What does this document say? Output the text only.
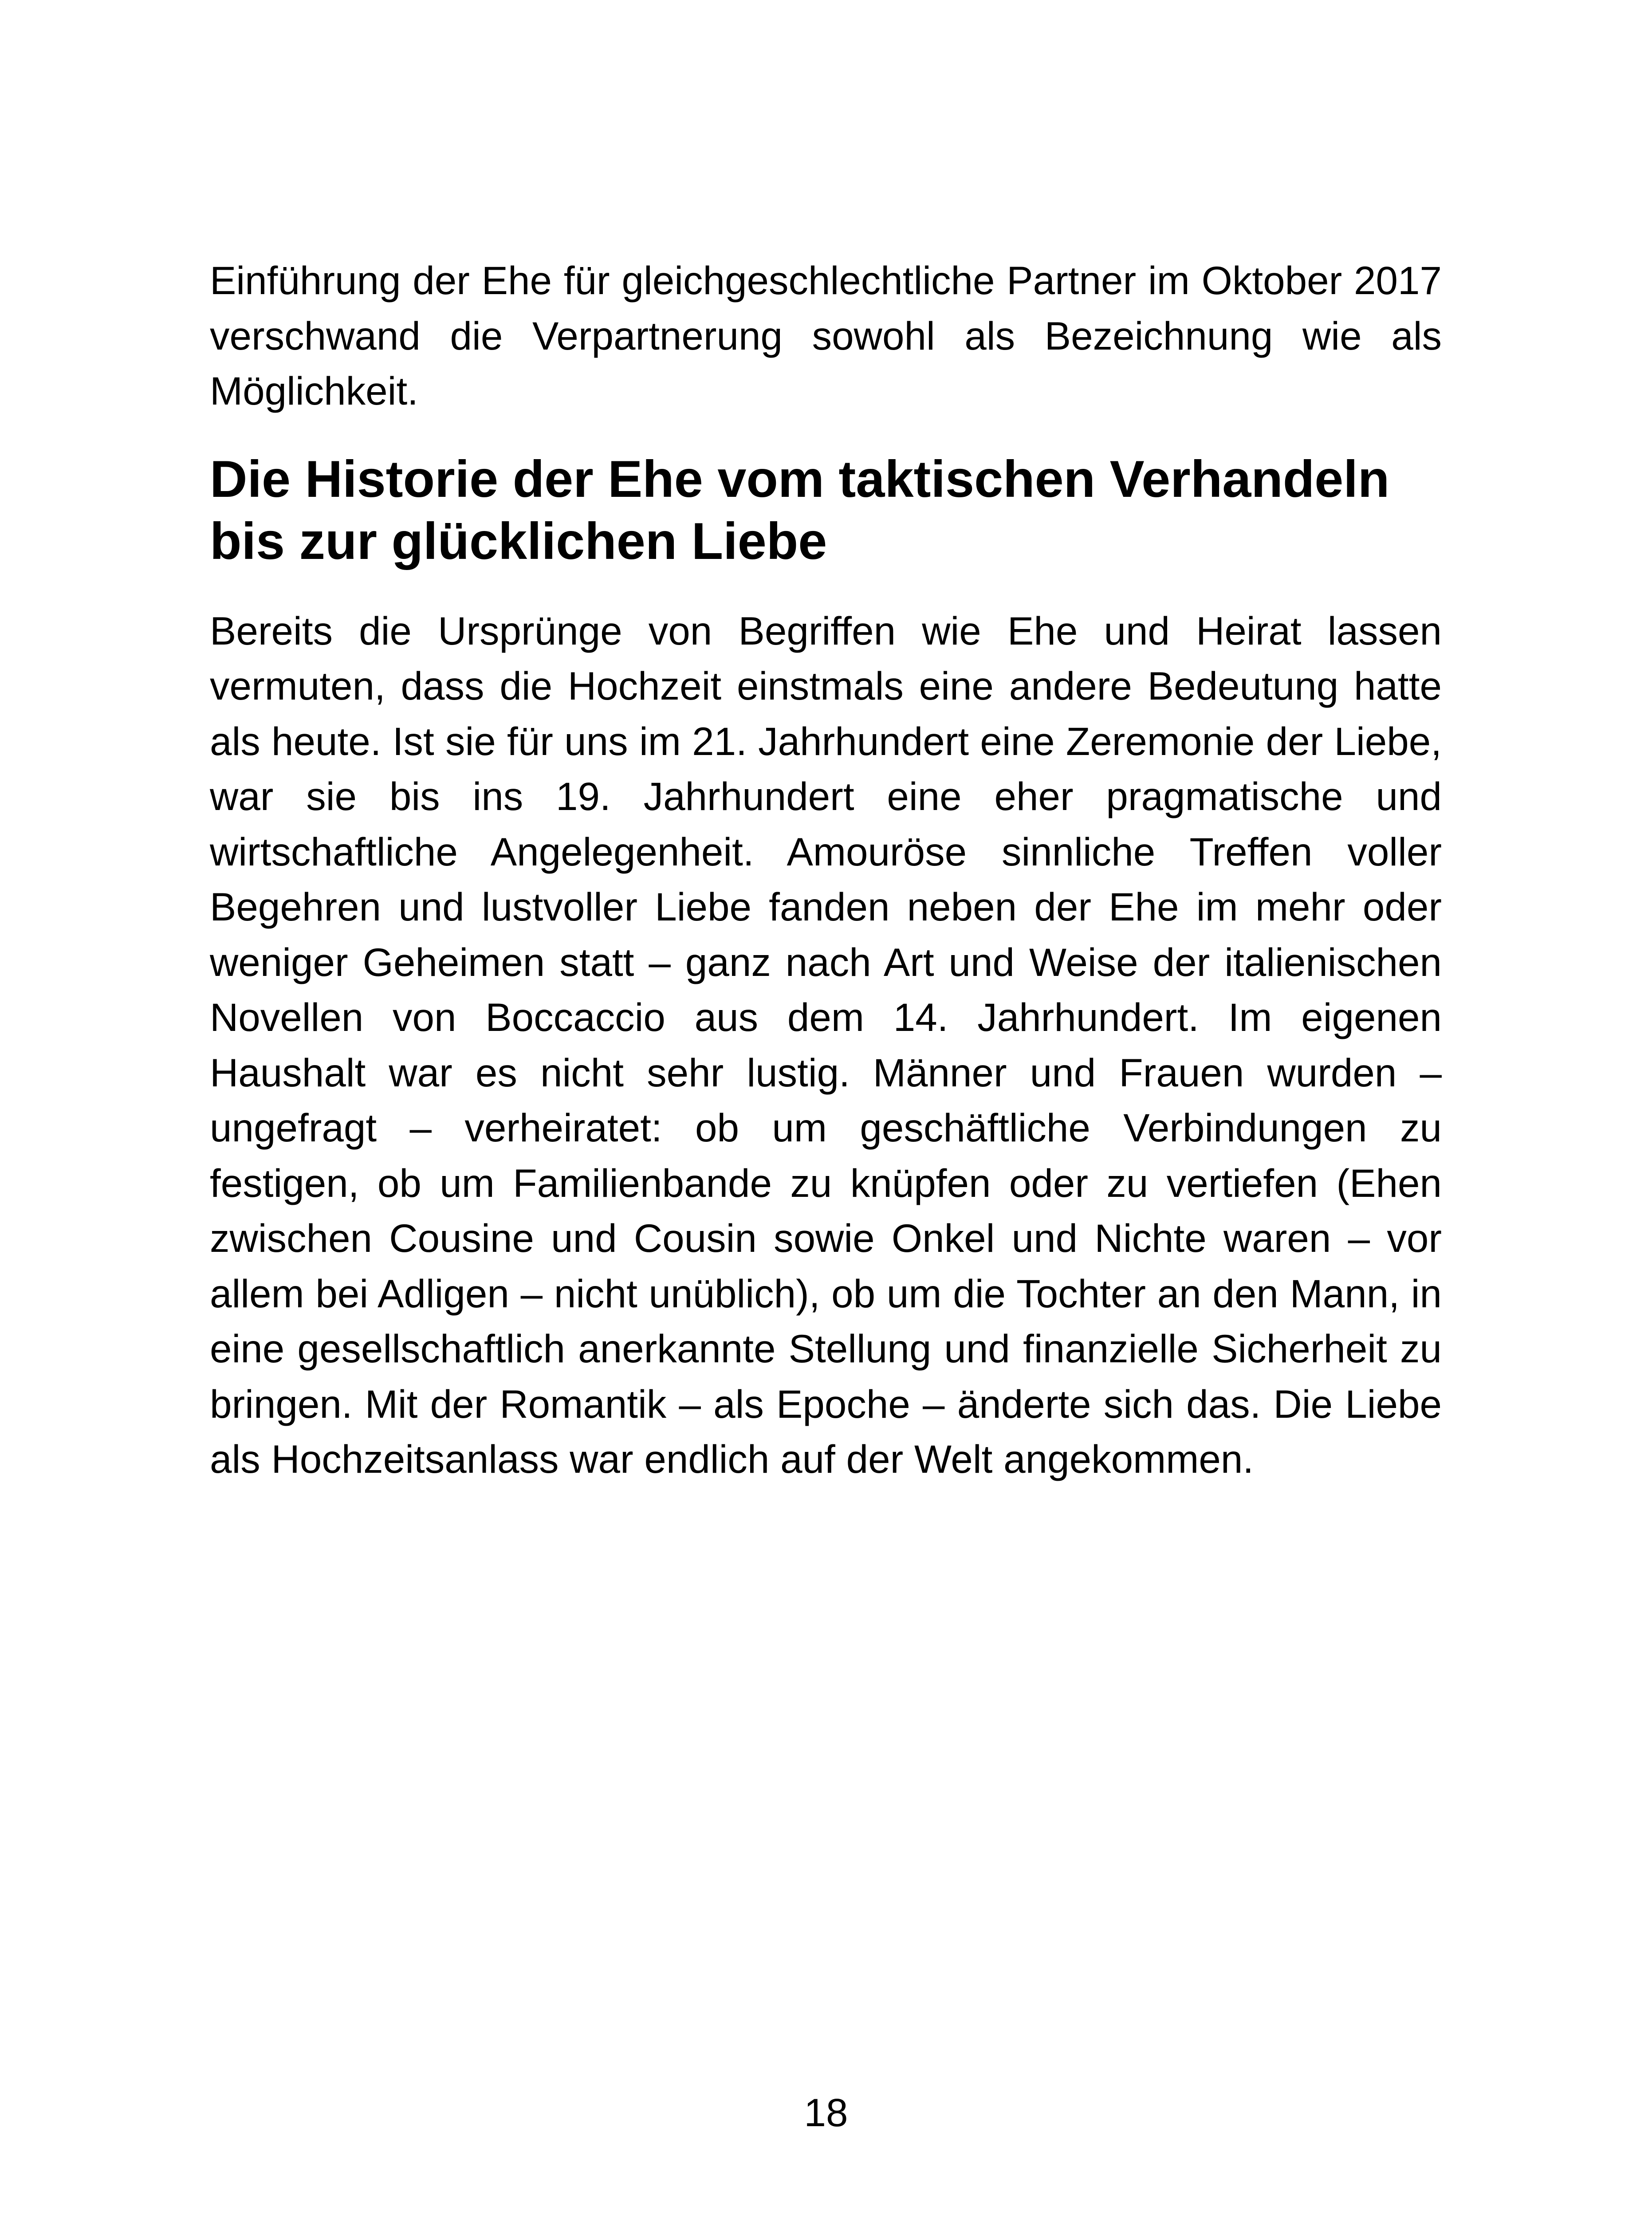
Einführung der Ehe für gleichgeschlechtliche Partner im Oktober 2017 verschwand die Verpartnerung sowohl als Bezeichnung wie als Möglichkeit.

Die Historie der Ehe vom taktischen Verhandeln bis zur glücklichen Liebe

Bereits die Ursprünge von Begriffen wie Ehe und Heirat lassen vermuten, dass die Hochzeit einstmals eine andere Bedeutung hatte als heute. Ist sie für uns im 21. Jahrhundert eine Zeremonie der Liebe, war sie bis ins 19. Jahrhundert eine eher pragmatische und wirtschaftliche Angelegenheit. Amouröse sinnliche Treffen voller Begehren und lustvoller Liebe fanden neben der Ehe im mehr oder weniger Geheimen statt – ganz nach Art und Weise der italienischen Novellen von Boccaccio aus dem 14. Jahrhundert. Im eigenen Haushalt war es nicht sehr lustig. Männer und Frauen wurden – ungefragt – verheiratet: ob um geschäftliche Verbindungen zu festigen, ob um Familienbande zu knüpfen oder zu vertiefen (Ehen zwischen Cousine und Cousin sowie Onkel und Nichte waren – vor allem bei Adligen – nicht unüblich), ob um die Tochter an den Mann, in eine gesellschaftlich anerkannte Stellung und finanzielle Sicherheit zu bringen. Mit der Romantik – als Epoche – änderte sich das. Die Liebe als Hochzeitsanlass war endlich auf der Welt angekommen.

18
